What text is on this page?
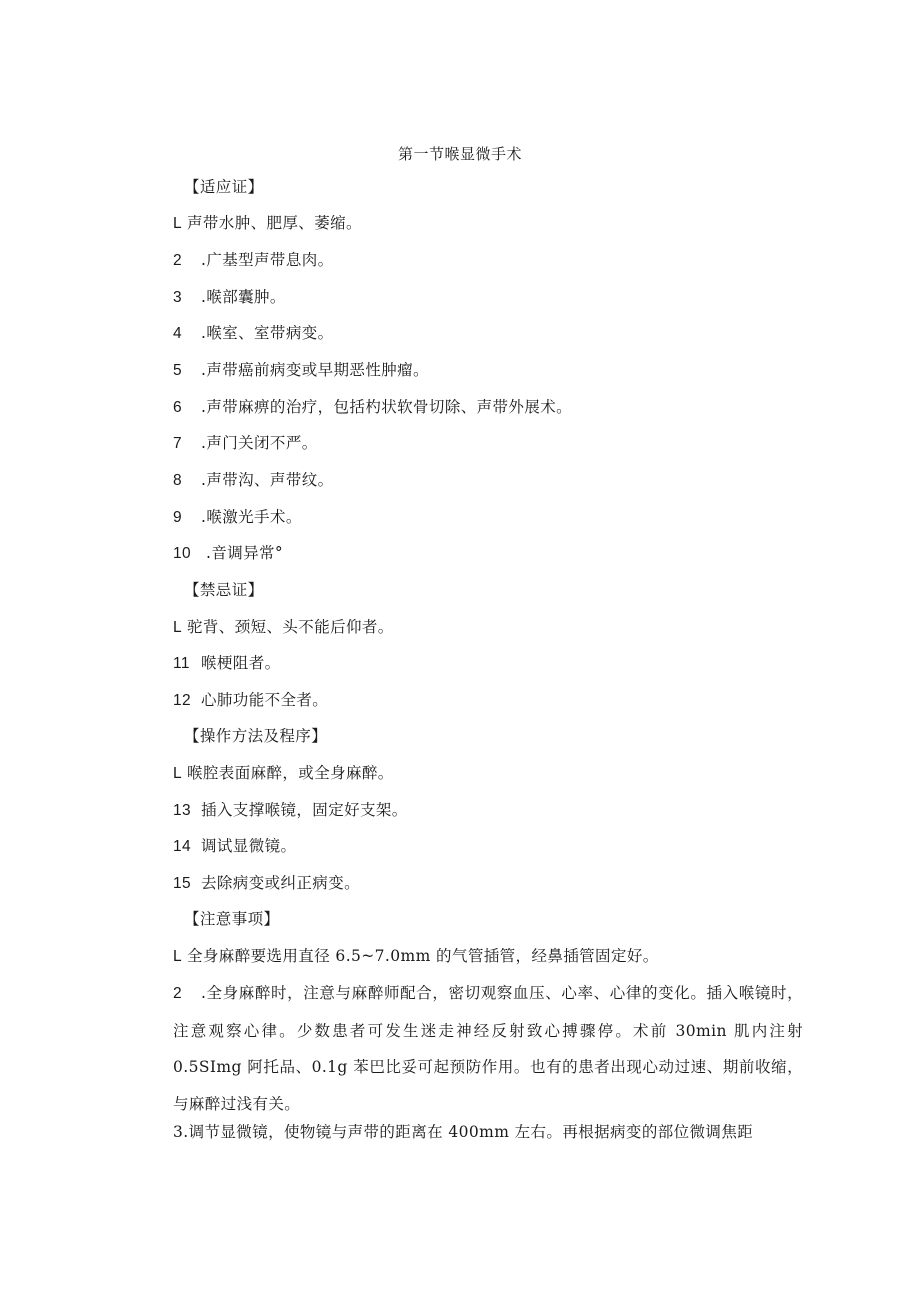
第一节喉显微手术
【适应证】
L 声带水肿、肥厚、萎缩。
2 .广基型声带息肉。
3 .喉部囊肿。
4 .喉室、室带病变。
5 .声带癌前病变或早期恶性肿瘤。
6 .声带麻痹的治疗，包括杓状软骨切除、声带外展术。
7 .声门关闭不严。
8 .声带沟、声带纹。
9 .喉激光手术。
10 .音调异常°
【禁忌证】
L 驼背、颈短、头不能后仰者。
11 喉梗阻者。
12 心肺功能不全者。
【操作方法及程序】
L 喉腔表面麻醉，或全身麻醉。
13 插入支撑喉镜，固定好支架。
14 调试显微镜。
15 去除病变或纠正病变。
【注意事项】
L 全身麻醉要选用直径 6.5~7.0mm 的气管插管，经鼻插管固定好。
2 .全身麻醉时，注意与麻醉师配合，密切观察血压、心率、心律的变化。插入喉镜时，注意观察心律。少数患者可发生迷走神经反射致心搏骤停。术前 30min 肌内注射 0.5SImg 阿托品、0.1g 苯巴比妥可起预防作用。也有的患者出现心动过速、期前收缩，与麻醉过浅有关。
3.调节显微镜，使物镜与声带的距离在 400mm 左右。再根据病变的部位微调焦距
